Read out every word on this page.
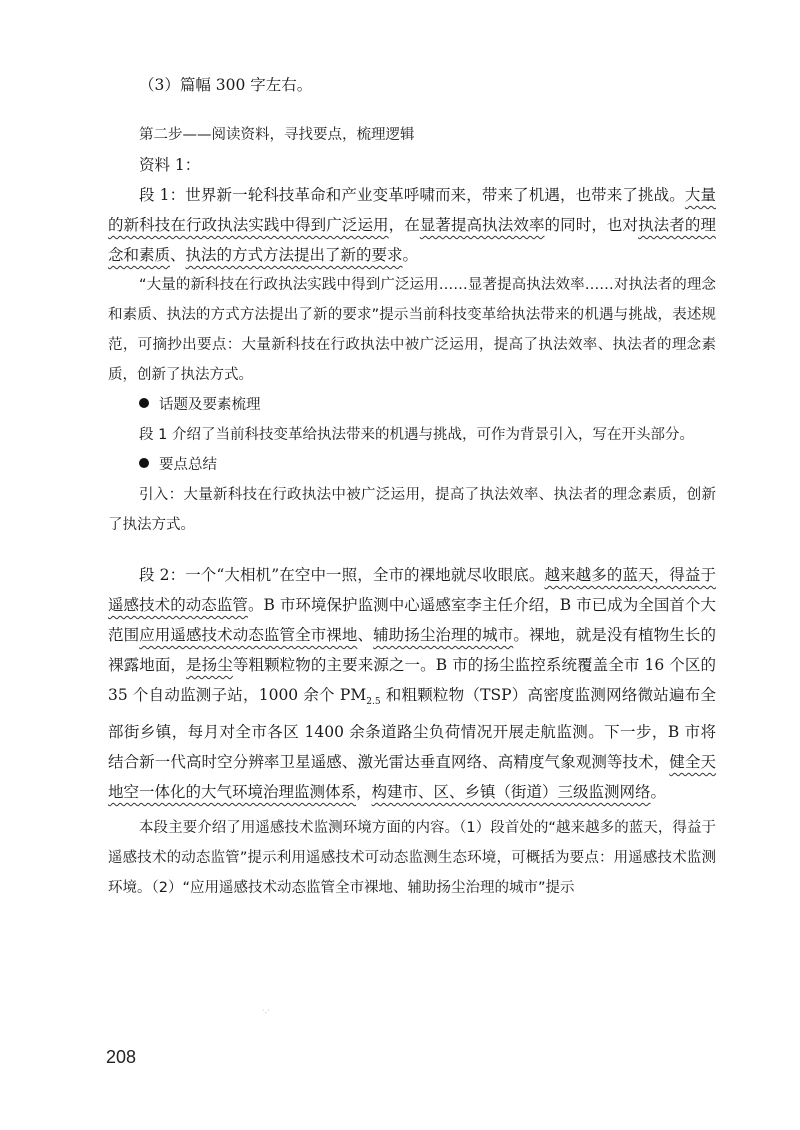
（3）篇幅 300 字左右。

第二步——阅读资料，寻找要点，梳理逻辑

资料 1：

段 1：世界新一轮科技革命和产业变革呼啸而来，带来了机遇，也带来了挑战。大量的新科技在行政执法实践中得到广泛运用，在显著提高执法效率的同时，也对执法者的理念和素质、执法的方式方法提出了新的要求。

“大量的新科技在行政执法实践中得到广泛运用……显著提高执法效率……对执法者的理念和素质、执法的方式方法提出了新的要求”提示当前科技变革给执法带来的机遇与挑战，表述规范，可摘抄出要点：大量新科技在行政执法中被广泛运用，提高了执法效率、执法者的理念素质，创新了执法方式。

话题及要素梳理

段 1 介绍了当前科技变革给执法带来的机遇与挑战，可作为背景引入，写在开头部分。

要点总结

引入：大量新科技在行政执法中被广泛运用，提高了执法效率、执法者的理念素质，创新了执法方式。

段 2：一个“大相机”在空中一照，全市的裸地就尽收眼底。越来越多的蓝天，得益于遥感技术的动态监管。B 市环境保护监测中心遥感室李主任介绍，B 市已成为全国首个大范围应用遥感技术动态监管全市裸地、辅助扬尘治理的城市。裸地，就是没有植物生长的裸露地面，是扬尘等粗颗粒物的主要来源之一。B 市的扬尘监控系统覆盖全市 16 个区的 35 个自动监测子站，1000 余个 $PM_{2.5}$ 和粗颗粒物（TSP）高密度监测网络微站遍布全部街乡镇，每月对全市各区 1400 余条道路尘负荷情况开展走航监测。下一步，B 市将结合新一代高时空分辨率卫星遥感、激光雷达垂直网络、高精度气象观测等技术，健全天地空一体化的大气环境治理监测体系，构建市、区、乡镇（街道）三级监测网络。

本段主要介绍了用遥感技术监测环境方面的内容。（1）段首处的“越来越多的蓝天，得益于遥感技术的动态监管”提示利用遥感技术可动态监测生态环境，可概括为要点：用遥感技术监测环境。（2）“应用遥感技术动态监管全市裸地、辅助扬尘治理的城市”提示

·.·
208
